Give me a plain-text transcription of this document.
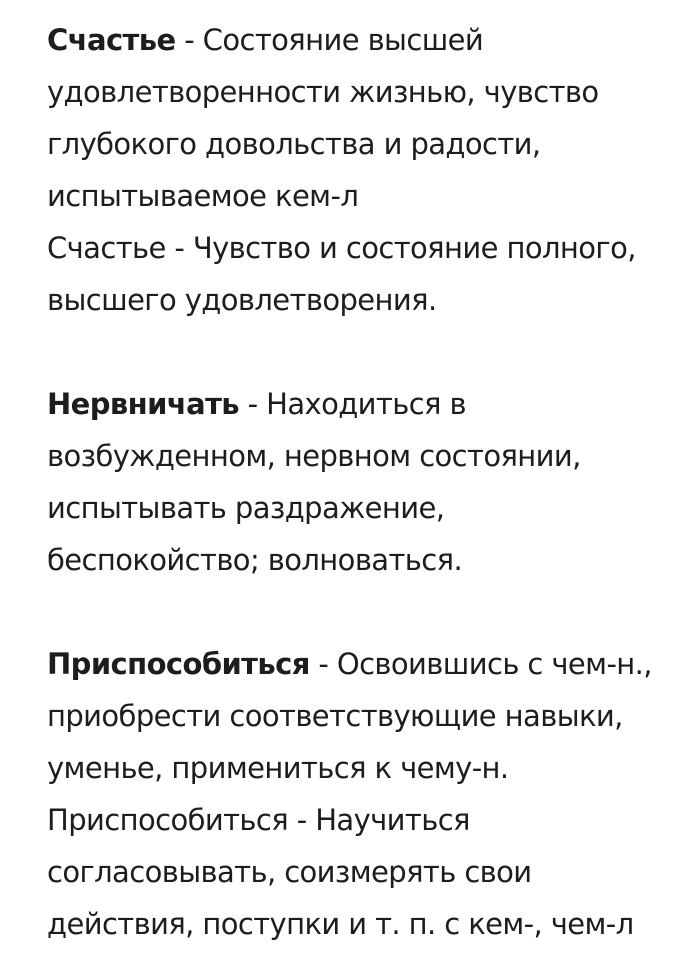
Счастье - Состояние высшей
удовлетворенности жизнью, чувство
глубокого довольства и радости,
испытываемое кем-л
Счастье - Чувство и состояние полного,
высшего удовлетворения.
Нервничать - Находиться в
возбужденном, нервном состоянии,
испытывать раздражение,
беспокойство; волноваться.
Приспособиться - Освоившись с чем-н.,
приобрести соответствующие навыки,
уменье, примениться к чему-н.
Приспособиться - Научиться
согласовывать, соизмерять свои
действия, поступки и т. п. с кем-, чем-л
